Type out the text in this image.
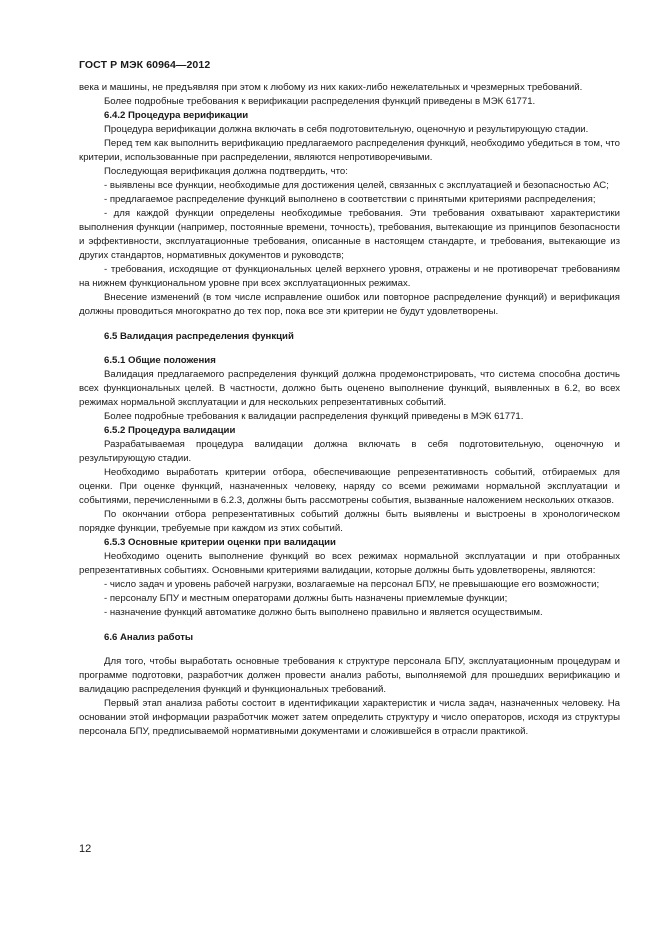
ГОСТ Р МЭК 60964—2012

века и машины, не предъявляя при этом к любому из них каких-либо нежелательных и чрезмерных требований.

Более подробные требования к верификации распределения функций приведены в МЭК 61771.

6.4.2 Процедура верификации

Процедура верификации должна включать в себя подготовительную, оценочную и результирующую стадии.

Перед тем как выполнить верификацию предлагаемого распределения функций, необходимо убедиться в том, что критерии, использованные при распределении, являются непротиворечивыми.

Последующая верификация должна подтвердить, что:

- выявлены все функции, необходимые для достижения целей, связанных с эксплуатацией и безопасностью АС;

- предлагаемое распределение функций выполнено в соответствии с принятыми критериями распределения;

- для каждой функции определены необходимые требования. Эти требования охватывают характеристики выполнения функции (например, постоянные времени, точность), требования, вытекающие из принципов безопасности и эффективности, эксплуатационные требования, описанные в настоящем стандарте, и требования, вытекающие из других стандартов, нормативных документов и руководств;

- требования, исходящие от функциональных целей верхнего уровня, отражены и не противоречат требованиям на нижнем функциональном уровне при всех эксплуатационных режимах.

Внесение изменений (в том числе исправление ошибок или повторное распределение функций) и верификация должны проводиться многократно до тех пор, пока все эти критерии не будут удовлетворены.

6.5 Валидация распределения функций

6.5.1 Общие положения

Валидация предлагаемого распределения функций должна продемонстрировать, что система способна достичь всех функциональных целей. В частности, должно быть оценено выполнение функций, выявленных в 6.2, во всех режимах нормальной эксплуатации и для нескольких репрезентативных событий.

Более подробные требования к валидации распределения функций приведены в МЭК 61771.

6.5.2 Процедура валидации

Разрабатываемая процедура валидации должна включать в себя подготовительную, оценочную и результирующую стадии.

Необходимо выработать критерии отбора, обеспечивающие репрезентативность событий, отбираемых для оценки. При оценке функций, назначенных человеку, наряду со всеми режимами нормальной эксплуатации и событиями, перечисленными в 6.2.3, должны быть рассмотрены события, вызванные наложением нескольких отказов.

По окончании отбора репрезентативных событий должны быть выявлены и выстроены в хронологическом порядке функции, требуемые при каждом из этих событий.

6.5.3 Основные критерии оценки при валидации

Необходимо оценить выполнение функций во всех режимах нормальной эксплуатации и при отобранных репрезентативных событиях. Основными критериями валидации, которые должны быть удовлетворены, являются:

- число задач и уровень рабочей нагрузки, возлагаемые на персонал БПУ, не превышающие его возможности;

- персоналу БПУ и местным операторами должны быть назначены приемлемые функции;

- назначение функций автоматике должно быть выполнено правильно и является осуществимым.

6.6 Анализ работы

Для того, чтобы выработать основные требования к структуре персонала БПУ, эксплуатационным процедурам и программе подготовки, разработчик должен провести анализ работы, выполняемой для прошедших верификацию и валидацию распределения функций и функциональных требований.

Первый этап анализа работы состоит в идентификации характеристик и числа задач, назначенных человеку. На основании этой информации разработчик может затем определить структуру и число операторов, исходя из структуры персонала БПУ, предписываемой нормативными документами и сложившейся в отрасли практикой.

12
